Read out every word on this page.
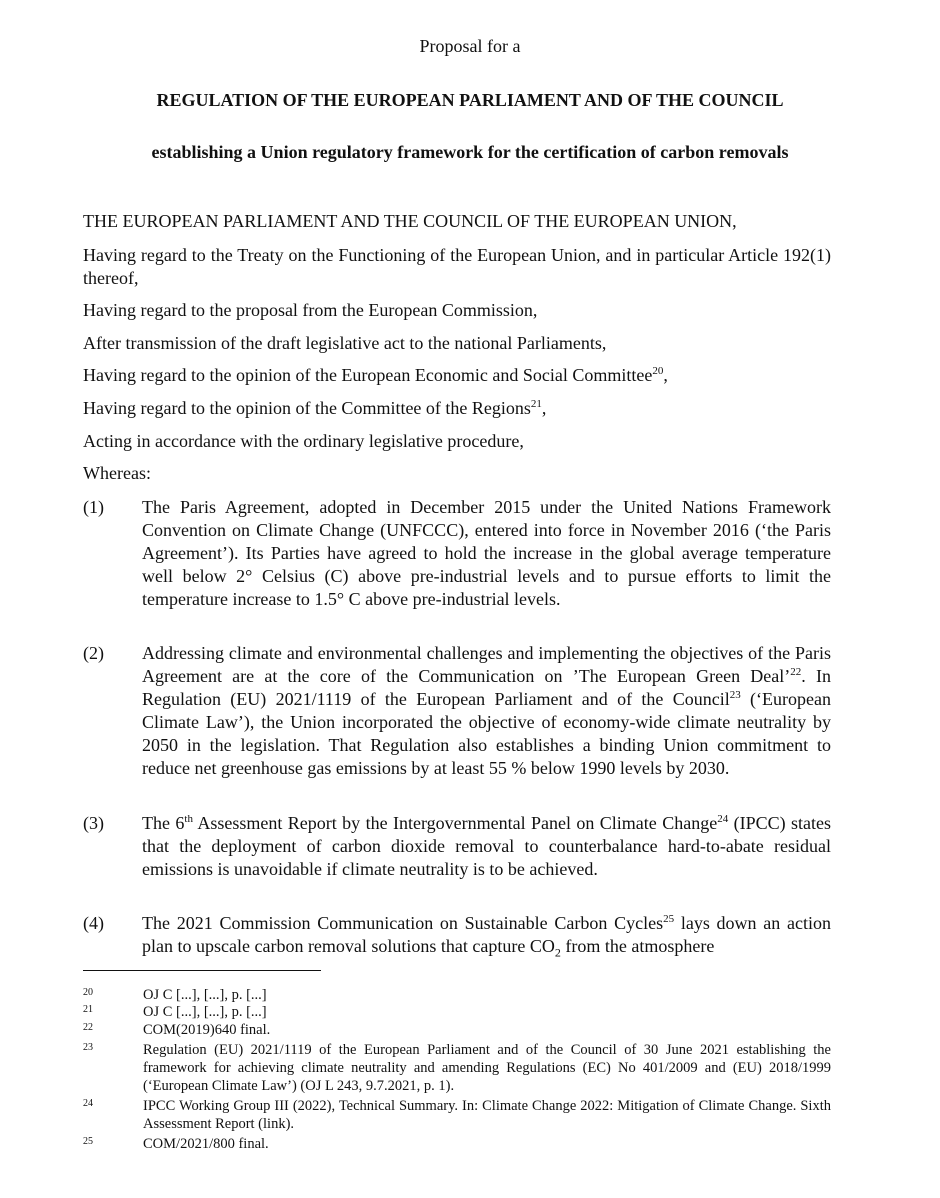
Proposal for a

REGULATION OF THE EUROPEAN PARLIAMENT AND OF THE COUNCIL

establishing a Union regulatory framework for the certification of carbon removals

THE EUROPEAN PARLIAMENT AND THE COUNCIL OF THE EUROPEAN UNION,

Having regard to the Treaty on the Functioning of the European Union, and in particular Article 192(1) thereof,

Having regard to the proposal from the European Commission,

After transmission of the draft legislative act to the national Parliaments,

Having regard to the opinion of the European Economic and Social Committee$^{20}$,

Having regard to the opinion of the Committee of the Regions$^{21}$,

Acting in accordance with the ordinary legislative procedure,

Whereas:

(1)	The Paris Agreement, adopted in December 2015 under the United Nations Framework Convention on Climate Change (UNFCCC), entered into force in November 2016 (‘the Paris Agreement’). Its Parties have agreed to hold the increase in the global average temperature well below 2° Celsius (C) above pre-industrial levels and to pursue efforts to limit the temperature increase to 1.5° C above pre-industrial levels.
(2)	Addressing climate and environmental challenges and implementing the objectives of the Paris Agreement are at the core of the Communication on ’The European Green Deal’$^{22}$. In Regulation (EU) 2021/1119 of the European Parliament and of the Council$^{23}$ (‘European Climate Law’), the Union incorporated the objective of economy-wide climate neutrality by 2050 in the legislation. That Regulation also establishes a binding Union commitment to reduce net greenhouse gas emissions by at least 55 % below 1990 levels by 2030.
(3)	The 6th Assessment Report by the Intergovernmental Panel on Climate Change$^{24}$ (IPCC) states that the deployment of carbon dioxide removal to counterbalance hard-to-abate residual emissions is unavoidable if climate neutrality is to be achieved.
(4)	The 2021 Commission Communication on Sustainable Carbon Cycles$^{25}$ lays down an action plan to upscale carbon removal solutions that capture $CO_2$ from the atmosphere
20	OJ C [...], [...], p. [...]
21	OJ C [...], [...], p. [...]
22	COM(2019)640 final.
23	Regulation (EU) 2021/1119 of the European Parliament and of the Council of 30 June 2021 establishing the framework for achieving climate neutrality and amending Regulations (EC) No 401/2009 and (EU) 2018/1999 (‘European Climate Law’) (OJ L 243, 9.7.2021, p. 1).
24	IPCC Working Group III (2022), Technical Summary. In: Climate Change 2022: Mitigation of Climate Change. Sixth Assessment Report (link).
25	COM/2021/800 final.
